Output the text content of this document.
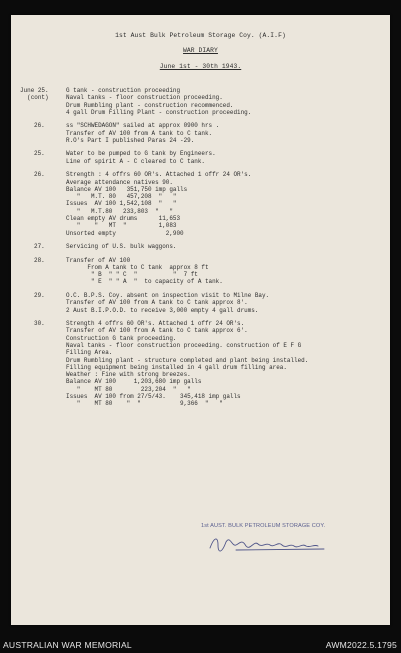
1st Aust Bulk Petroleum Storage Coy. (A.I.F)
WAR DIARY
June 1st - 30th 1943.
June 25.
(cont)
G tank - construction proceeding
Naval tanks - floor construction proceeding.
Drum Rumbling plant - construction recommenced.
4 gall Drum Filling Plant - construction proceeding.
26.	ss "SCHWEDAGON" sailed at approx 0900 hrs .
Transfer of AV 100 from A tank to C tank.
R.O's Part I published Paras 24 -29.
25.	Water to be pumped to G tank by Engineers.
Line of spirit A - C cleared to C tank.
26.	Strength : 4 offrs 60 OR's. Attached 1 offr 24 OR's.
Average attendance natives 90.
Balance AV 100   351,750 imp galls
"   M.T. 80   457,208  "   "
Issues  AV 100 1,542,108  "   "
"   M.T.80   233,803  "   "
Clean empty AV drums      11,653
"    "   MT  "         1,083
Unsorted empty              2,900
27.	Servicing of U.S. bulk waggons.
28.	Transfer of AV 100
From A tank to C tank  approx 8 ft
" B  " " C  "          "  7 ft
" E  " " A  "  to capacity of A tank.
29.	O.C. B.P.S. Coy. absent on inspection visit to Milne Bay.
Transfer of AV 100 from A tank to C tank approx 8'.
2 Aust B.I.P.O.D. to receive 3,000 empty 4 gall drums.
30.	Strength 4 offrs 60 OR's. Attached 1 offr 24 OR's.
Transfer of AV 100 from A tank to C tank approx 6'.
Construction G tank proceeding.
Naval tanks - floor construction proceeding. construction of E F G
Filling Area.
Drum Rumbling plant - structure completed and plant being installed.
Filling equipment being installed in 4 gall drum filling area.
Weather : Fine with strong breezes.
Balance AV 100     1,203,680 imp galls
"    MT 80        223,204  "   "
Issues  AV 100 from 27/5/43.    345,418 imp galls
"    MT 80    "  "           9,366  "   "
1st AUST. BULK PETROLEUM STORAGE COY.
AUSTRALIAN WAR MEMORIAL	AWM2022.5.1795
